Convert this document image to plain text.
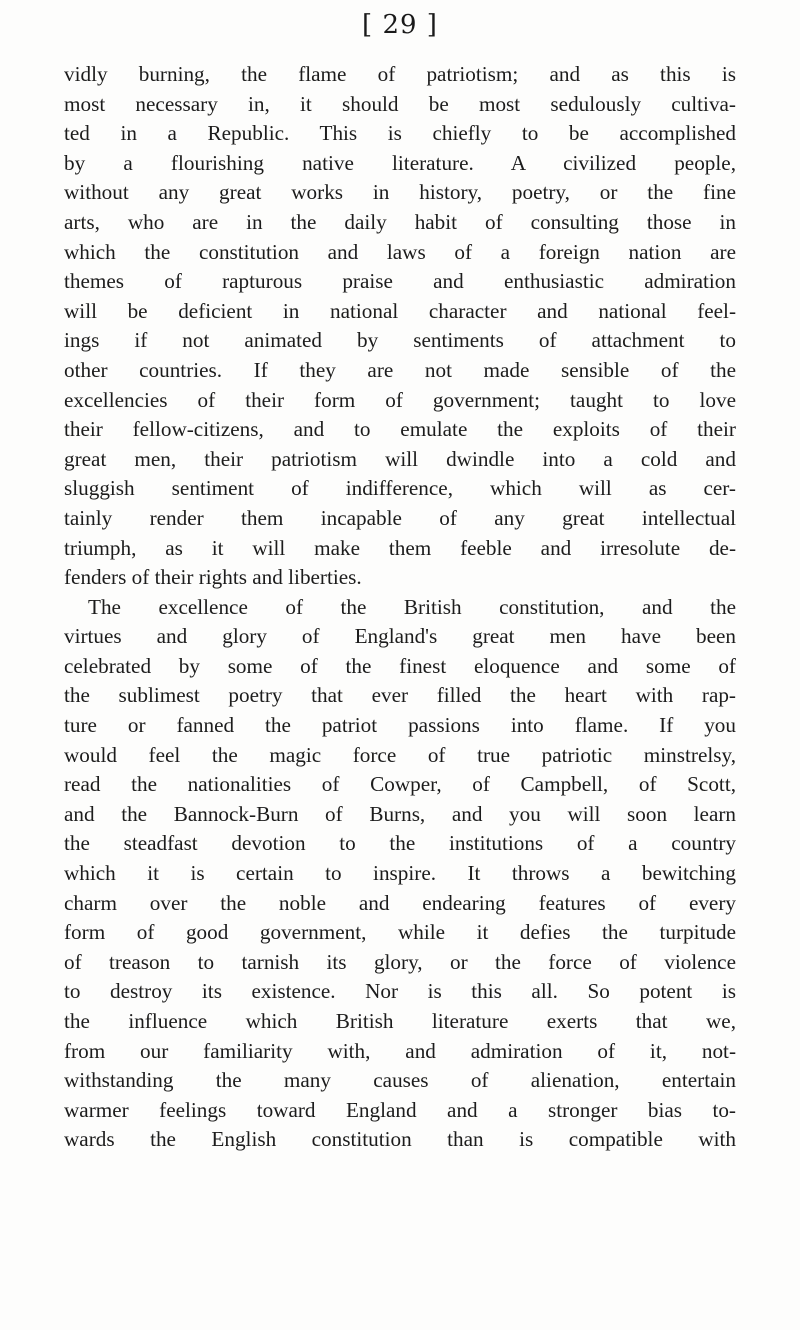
[ 29 ]
vidly burning, the flame of patriotism; and as this is
most necessary in, it should be most sedulously cultiva-
ted in a Republic. This is chiefly to be accomplished
by a flourishing native literature. A civilized people,
without any great works in history, poetry, or the fine
arts, who are in the daily habit of consulting those in
which the constitution and laws of a foreign nation are
themes of rapturous praise and enthusiastic admiration
will be deficient in national character and national feel-
ings if not animated by sentiments of attachment to
other countries. If they are not made sensible of the
excellencies of their form of government; taught to love
their fellow-citizens, and to emulate the exploits of their
great men, their patriotism will dwindle into a cold and
sluggish sentiment of indifference, which will as cer-
tainly render them incapable of any great intellectual
triumph, as it will make them feeble and irresolute de-
fenders of their rights and liberties.
The excellence of the British constitution, and the
virtues and glory of England's great men have been
celebrated by some of the finest eloquence and some of
the sublimest poetry that ever filled the heart with rap-
ture or fanned the patriot passions into flame. If you
would feel the magic force of true patriotic minstrelsy,
read the nationalities of Cowper, of Campbell, of Scott,
and the Bannock-Burn of Burns, and you will soon learn
the steadfast devotion to the institutions of a country
which it is certain to inspire. It throws a bewitching
charm over the noble and endearing features of every
form of good government, while it defies the turpitude
of treason to tarnish its glory, or the force of violence
to destroy its existence. Nor is this all. So potent is
the influence which British literature exerts that we,
from our familiarity with, and admiration of it, not-
withstanding the many causes of alienation, entertain
warmer feelings toward England and a stronger bias to-
wards the English constitution than is compatible with
